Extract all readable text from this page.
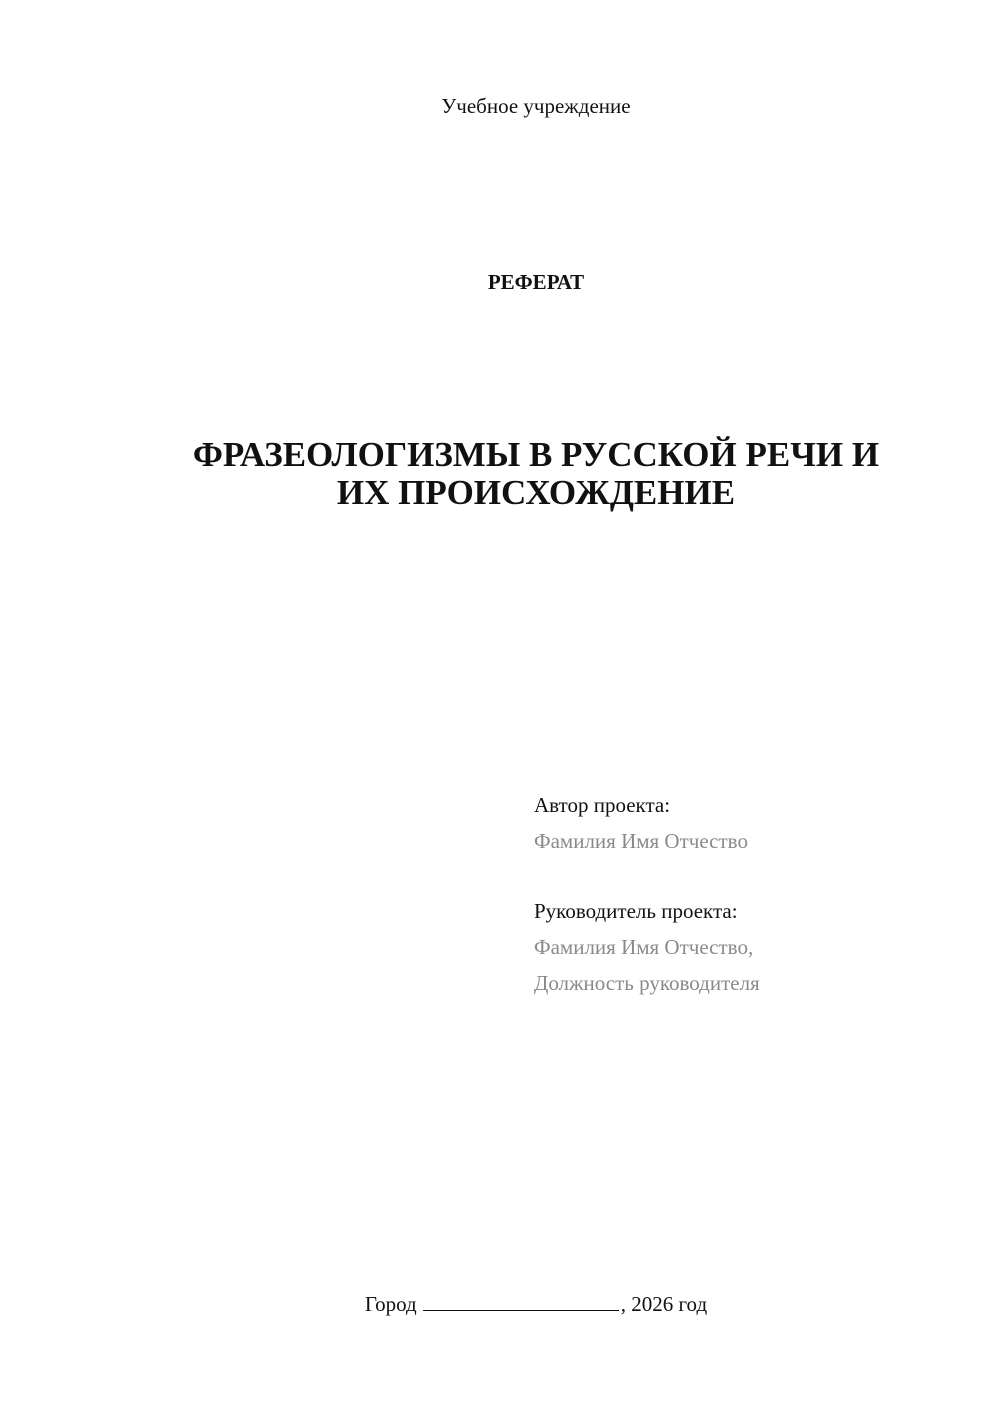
Учебное учреждение
РЕФЕРАТ
ФРАЗЕОЛОГИЗМЫ В РУССКОЙ РЕЧИ И
ИХ ПРОИСХОЖДЕНИЕ
Автор проекта:
Фамилия Имя Отчество
Руководитель проекта:
Фамилия Имя Отчество,
Должность руководителя
Город	, 2026 год
